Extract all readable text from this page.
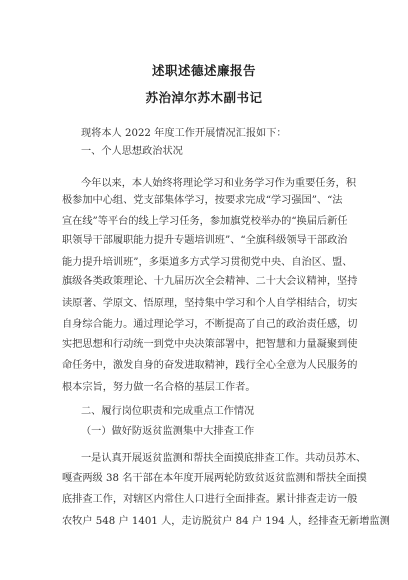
述职述德述廉报告
苏治淖尔苏木副书记
现将本人 2022 年度工作开展情况汇报如下：
一、个人思想政治状况
今年以来，本人始终将理论学习和业务学习作为重要任务，积
极参加中心组、党支部集体学习，按要求完成“学习强国”、“法
宣在线”等平台的线上学习任务，参加旗党校举办的“换届后新任
职领导干部履职能力提升专题培训班”、“全旗科级领导干部政治
能力提升培训班”，多渠道多方式学习贯彻党中央、自治区、盟、
旗级各类政策理论、十九届历次全会精神、二十大会议精神，坚持
读原著、学原文、悟原理，坚持集中学习和个人自学相结合，切实
自身综合能力。通过理论学习，不断提高了自己的政治责任感，切
实把思想和行动统一到党中央决策部署中，把智慧和力量凝聚到使
命任务中，激发自身的奋发进取精神，践行全心全意为人民服务的
根本宗旨，努力做一名合格的基层工作者。
二、履行岗位职责和完成重点工作情况
（一）做好防返贫监测集中大排查工作
一是认真开展返贫监测和帮扶全面摸底排查工作。共动员苏木、
嘎查两级 38 名干部在本年度开展两轮防致贫返贫监测和帮扶全面摸
底排查工作，对辖区内常住人口进行全面排查。累计排查走访一般
农牧户 548 户 1401 人，走访脱贫户 84 户 194 人，经排查无新增监测
